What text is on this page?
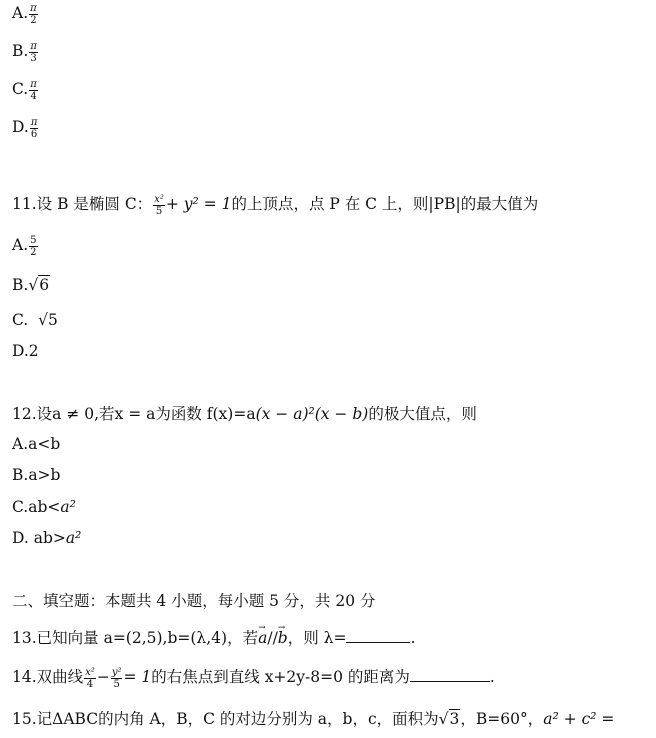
A. $\frac{\pi}{2}$
B. $\frac{\pi}{3}$
C. $\frac{\pi}{4}$
D. $\frac{\pi}{6}$
11.设 B 是椭圆 C： $\frac{\text{x²}}{5} + y^2 = 1$的上顶点，点 P 在 C 上，则|PB|的最大值为
A. $\frac{5}{2}$
B.√6
C. √5
D.2
12.设a ≠ 0,若x = a为函数 f(x)=a(x − a)²(x − b)的极大值点，则
A.a<b
B.a>b
C.ab<a²
D. ab>a²
二、填空题：本题共 4 小题，每小题 5 分，共 20 分
13.已知向量 a=(2,5),b=(λ,4)，若a →//b →，则 λ=	.
14.双曲线 $\frac{\text{x²}}{4} - \frac{\text{y²}}{5} = 1$的右焦点到直线 x+2y-8=0 的距离为	.
15.记ΔABC的内角 A，B，C 的对边分别为 a，b，c，面积为√3，B=60°，a² + c² =
